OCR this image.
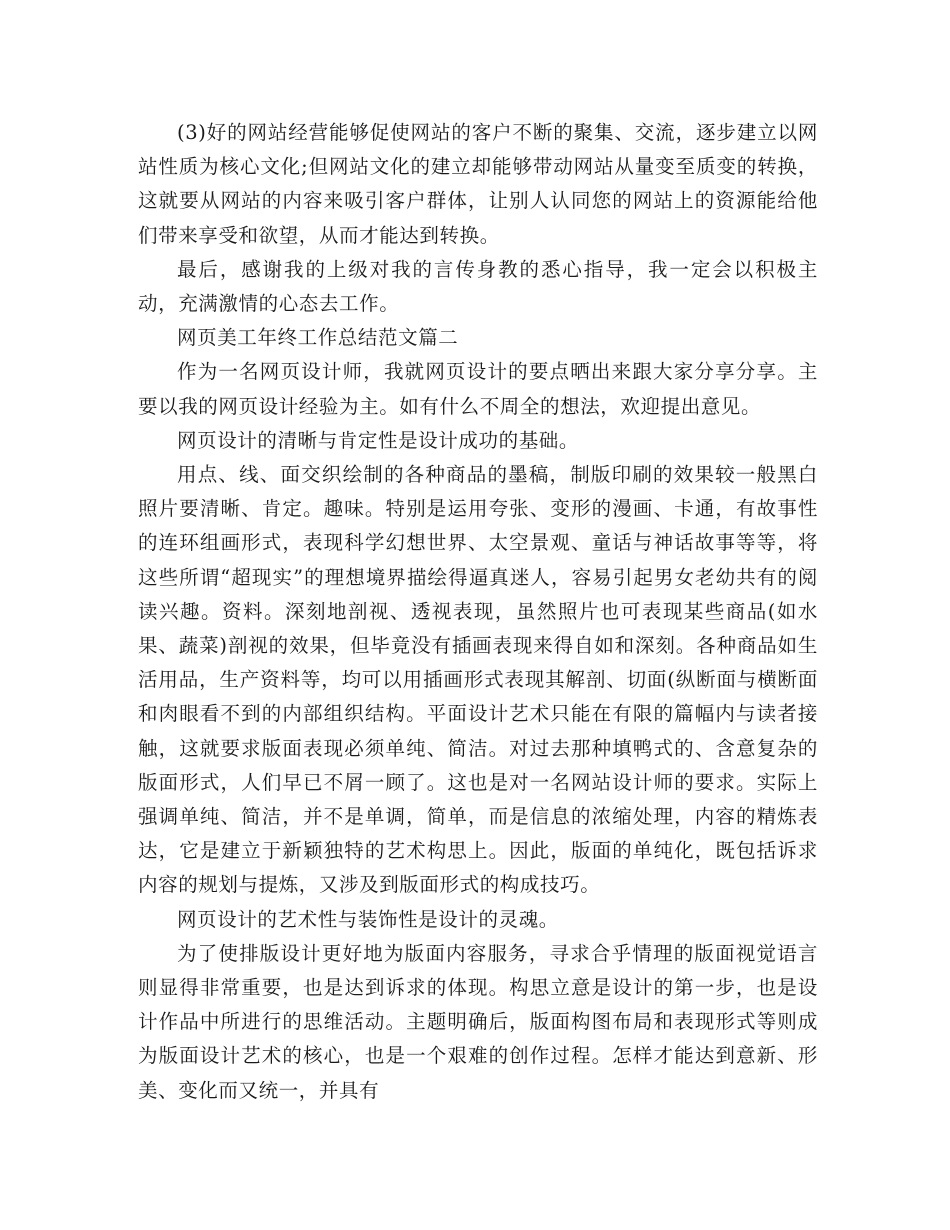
(3)好的网站经营能够促使网站的客户不断的聚集、交流，逐步建立以网站性质为核心文化;但网站文化的建立却能够带动网站从量变至质变的转换，这就要从网站的内容来吸引客户群体，让别人认同您的网站上的资源能给他们带来享受和欲望，从而才能达到转换。

最后，感谢我的上级对我的言传身教的悉心指导，我一定会以积极主动，充满激情的心态去工作。

网页美工年终工作总结范文篇二

作为一名网页设计师，我就网页设计的要点晒出来跟大家分享分享。主要以我的网页设计经验为主。如有什么不周全的想法，欢迎提出意见。

网页设计的清晰与肯定性是设计成功的基础。

用点、线、面交织绘制的各种商品的墨稿，制版印刷的效果较一般黑白照片要清晰、肯定。趣味。特别是运用夸张、变形的漫画、卡通，有故事性的连环组画形式，表现科学幻想世界、太空景观、童话与神话故事等等，将这些所谓“超现实”的理想境界描绘得逼真迷人，容易引起男女老幼共有的阅读兴趣。资料。深刻地剖视、透视表现，虽然照片也可表现某些商品(如水果、蔬菜)剖视的效果，但毕竟没有插画表现来得自如和深刻。各种商品如生活用品，生产资料等，均可以用插画形式表现其解剖、切面(纵断面与横断面和肉眼看不到的内部组织结构。平面设计艺术只能在有限的篇幅内与读者接触，这就要求版面表现必须单纯、简洁。对过去那种填鸭式的、含意复杂的版面形式，人们早已不屑一顾了。这也是对一名网站设计师的要求。实际上强调单纯、简洁，并不是单调，简单，而是信息的浓缩处理，内容的精炼表达，它是建立于新颖独特的艺术构思上。因此，版面的单纯化，既包括诉求内容的规划与提炼，又涉及到版面形式的构成技巧。

网页设计的艺术性与装饰性是设计的灵魂。

为了使排版设计更好地为版面内容服务，寻求合乎情理的版面视觉语言则显得非常重要，也是达到诉求的体现。构思立意是设计的第一步，也是设计作品中所进行的思维活动。主题明确后，版面构图布局和表现形式等则成为版面设计艺术的核心，也是一个艰难的创作过程。怎样才能达到意新、形美、变化而又统一，并具有
